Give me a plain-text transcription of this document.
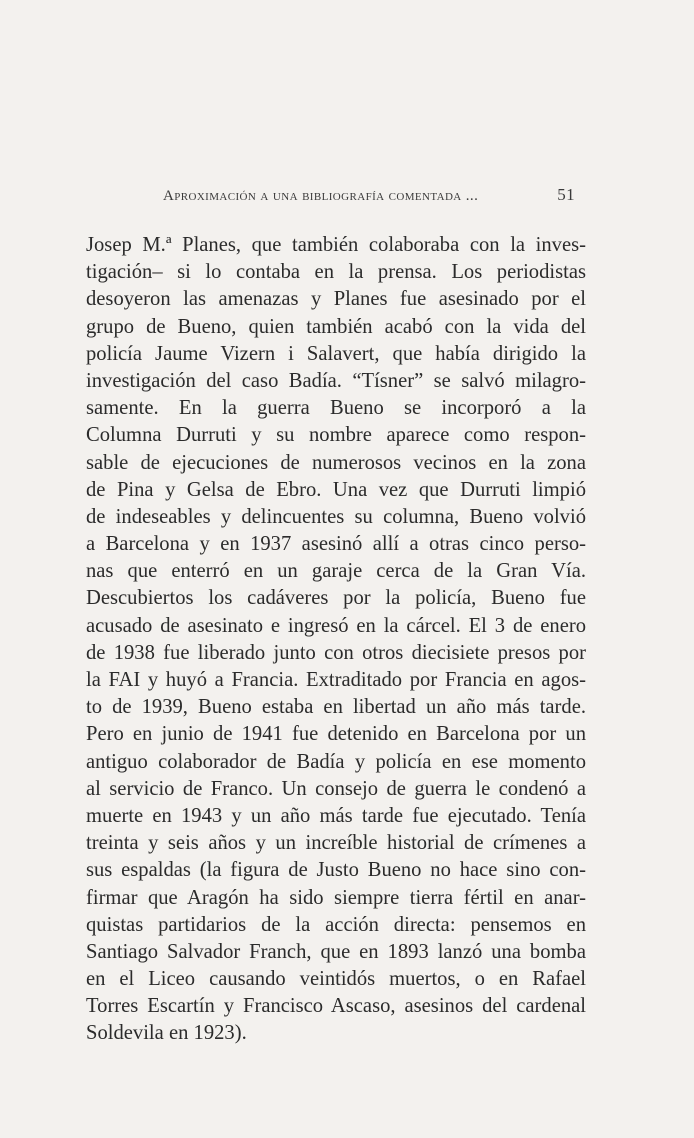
Aproximación a una bibliografía comentada ...	51
Josep M.ª Planes, que también colaboraba con la inves-
tigación– si lo contaba en la prensa. Los periodistas
desoyeron las amenazas y Planes fue asesinado por el
grupo de Bueno, quien también acabó con la vida del
policía Jaume Vizern i Salavert, que había dirigido la
investigación del caso Badía. “Tísner” se salvó milagro-
samente. En la guerra Bueno se incorporó a la
Columna Durruti y su nombre aparece como respon-
sable de ejecuciones de numerosos vecinos en la zona
de Pina y Gelsa de Ebro. Una vez que Durruti limpió
de indeseables y delincuentes su columna, Bueno volvió
a Barcelona y en 1937 asesinó allí a otras cinco perso-
nas que enterró en un garaje cerca de la Gran Vía.
Descubiertos los cadáveres por la policía, Bueno fue
acusado de asesinato e ingresó en la cárcel. El 3 de enero
de 1938 fue liberado junto con otros diecisiete presos por
la FAI y huyó a Francia. Extraditado por Francia en agos-
to de 1939, Bueno estaba en libertad un año más tarde.
Pero en junio de 1941 fue detenido en Barcelona por un
antiguo colaborador de Badía y policía en ese momento
al servicio de Franco. Un consejo de guerra le condenó a
muerte en 1943 y un año más tarde fue ejecutado. Tenía
treinta y seis años y un increíble historial de crímenes a
sus espaldas (la figura de Justo Bueno no hace sino con-
firmar que Aragón ha sido siempre tierra fértil en anar-
quistas partidarios de la acción directa: pensemos en
Santiago Salvador Franch, que en 1893 lanzó una bomba
en el Liceo causando veintidós muertos, o en Rafael
Torres Escartín y Francisco Ascaso, asesinos del cardenal
Soldevila en 1923).
